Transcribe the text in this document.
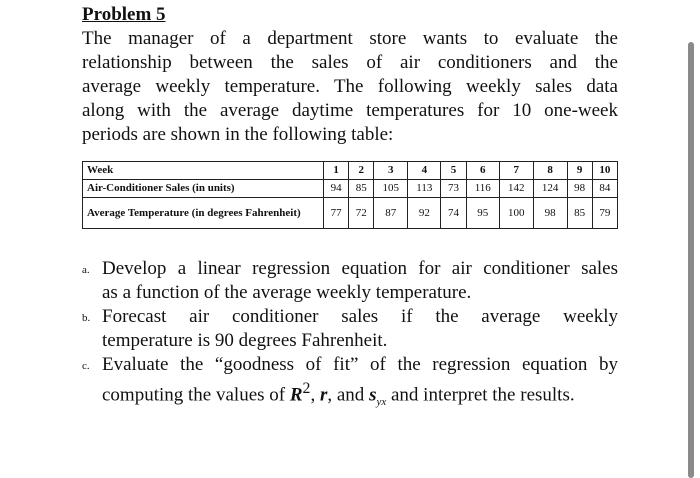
Problem 5
The manager of a department store wants to evaluate the
relationship between the sales of air conditioners and the
average weekly temperature. The following weekly sales data
along with the average daytime temperatures for 10 one-week
periods are shown in the following table:
Week	1	2	3	4	5	6	7	8	9	10
Air-Conditioner Sales (in units)	94	85	105	113	73	116	142	124	98	84

Average Temperature (in degrees Fahrenheit)	77	72	87	92	74	95	100	98	85	79
a. Develop a linear regression equation for air conditioner sales
as a function of the average weekly temperature.
b. Forecast air conditioner sales if the average weekly
temperature is 90 degrees Fahrenheit.
c. Evaluate the “goodness of fit” of the regression equation by
computing the values of $R^2$, r, and $s_{yx}$ and interpret the results.
